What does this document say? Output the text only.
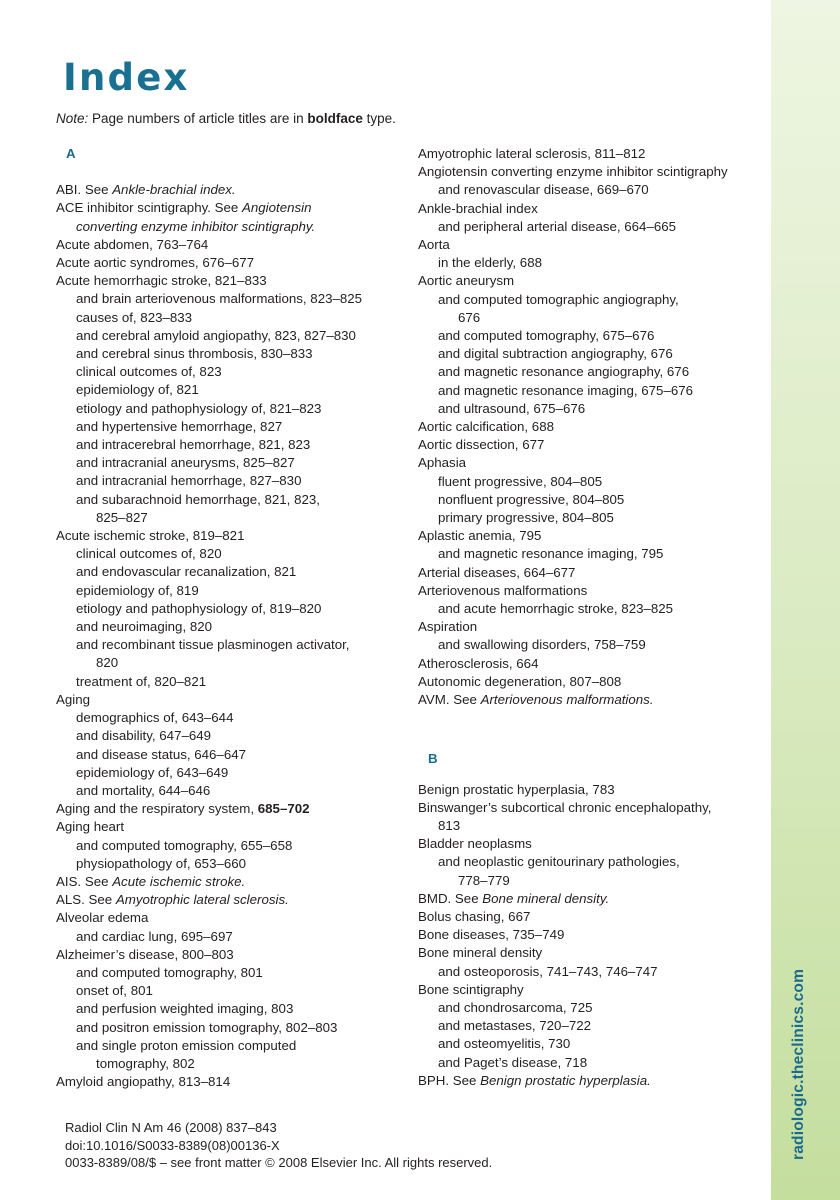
radiologic.theclinics.com
Index
Note: Page numbers of article titles are in boldface type.
A
ABI. See Ankle-brachial index.
ACE inhibitor scintigraphy. See Angiotensin
converting enzyme inhibitor scintigraphy.
Acute abdomen, 763–764
Acute aortic syndromes, 676–677
Acute hemorrhagic stroke, 821–833
and brain arteriovenous malformations, 823–825
causes of, 823–833
and cerebral amyloid angiopathy, 823, 827–830
and cerebral sinus thrombosis, 830–833
clinical outcomes of, 823
epidemiology of, 821
etiology and pathophysiology of, 821–823
and hypertensive hemorrhage, 827
and intracerebral hemorrhage, 821, 823
and intracranial aneurysms, 825–827
and intracranial hemorrhage, 827–830
and subarachnoid hemorrhage, 821, 823,
825–827
Acute ischemic stroke, 819–821
clinical outcomes of, 820
and endovascular recanalization, 821
epidemiology of, 819
etiology and pathophysiology of, 819–820
and neuroimaging, 820
and recombinant tissue plasminogen activator,
820
treatment of, 820–821
Aging
demographics of, 643–644
and disability, 647–649
and disease status, 646–647
epidemiology of, 643–649
and mortality, 644–646
Aging and the respiratory system, 685–702
Aging heart
and computed tomography, 655–658
physiopathology of, 653–660
AIS. See Acute ischemic stroke.
ALS. See Amyotrophic lateral sclerosis.
Alveolar edema
and cardiac lung, 695–697
Alzheimer’s disease, 800–803
and computed tomography, 801
onset of, 801
and perfusion weighted imaging, 803
and positron emission tomography, 802–803
and single proton emission computed
tomography, 802
Amyloid angiopathy, 813–814
Amyotrophic lateral sclerosis, 811–812
Angiotensin converting enzyme inhibitor scintigraphy
and renovascular disease, 669–670
Ankle-brachial index
and peripheral arterial disease, 664–665
Aorta
in the elderly, 688
Aortic aneurysm
and computed tomographic angiography,
676
and computed tomography, 675–676
and digital subtraction angiography, 676
and magnetic resonance angiography, 676
and magnetic resonance imaging, 675–676
and ultrasound, 675–676
Aortic calcification, 688
Aortic dissection, 677
Aphasia
fluent progressive, 804–805
nonfluent progressive, 804–805
primary progressive, 804–805
Aplastic anemia, 795
and magnetic resonance imaging, 795
Arterial diseases, 664–677
Arteriovenous malformations
and acute hemorrhagic stroke, 823–825
Aspiration
and swallowing disorders, 758–759
Atherosclerosis, 664
Autonomic degeneration, 807–808
AVM. See Arteriovenous malformations.
B
Benign prostatic hyperplasia, 783
Binswanger’s subcortical chronic encephalopathy,
813
Bladder neoplasms
and neoplastic genitourinary pathologies,
778–779
BMD. See Bone mineral density.
Bolus chasing, 667
Bone diseases, 735–749
Bone mineral density
and osteoporosis, 741–743, 746–747
Bone scintigraphy
and chondrosarcoma, 725
and metastases, 720–722
and osteomyelitis, 730
and Paget’s disease, 718
BPH. See Benign prostatic hyperplasia.
Radiol Clin N Am 46 (2008) 837–843
doi:10.1016/S0033-8389(08)00136-X
0033-8389/08/$ – see front matter © 2008 Elsevier Inc. All rights reserved.
